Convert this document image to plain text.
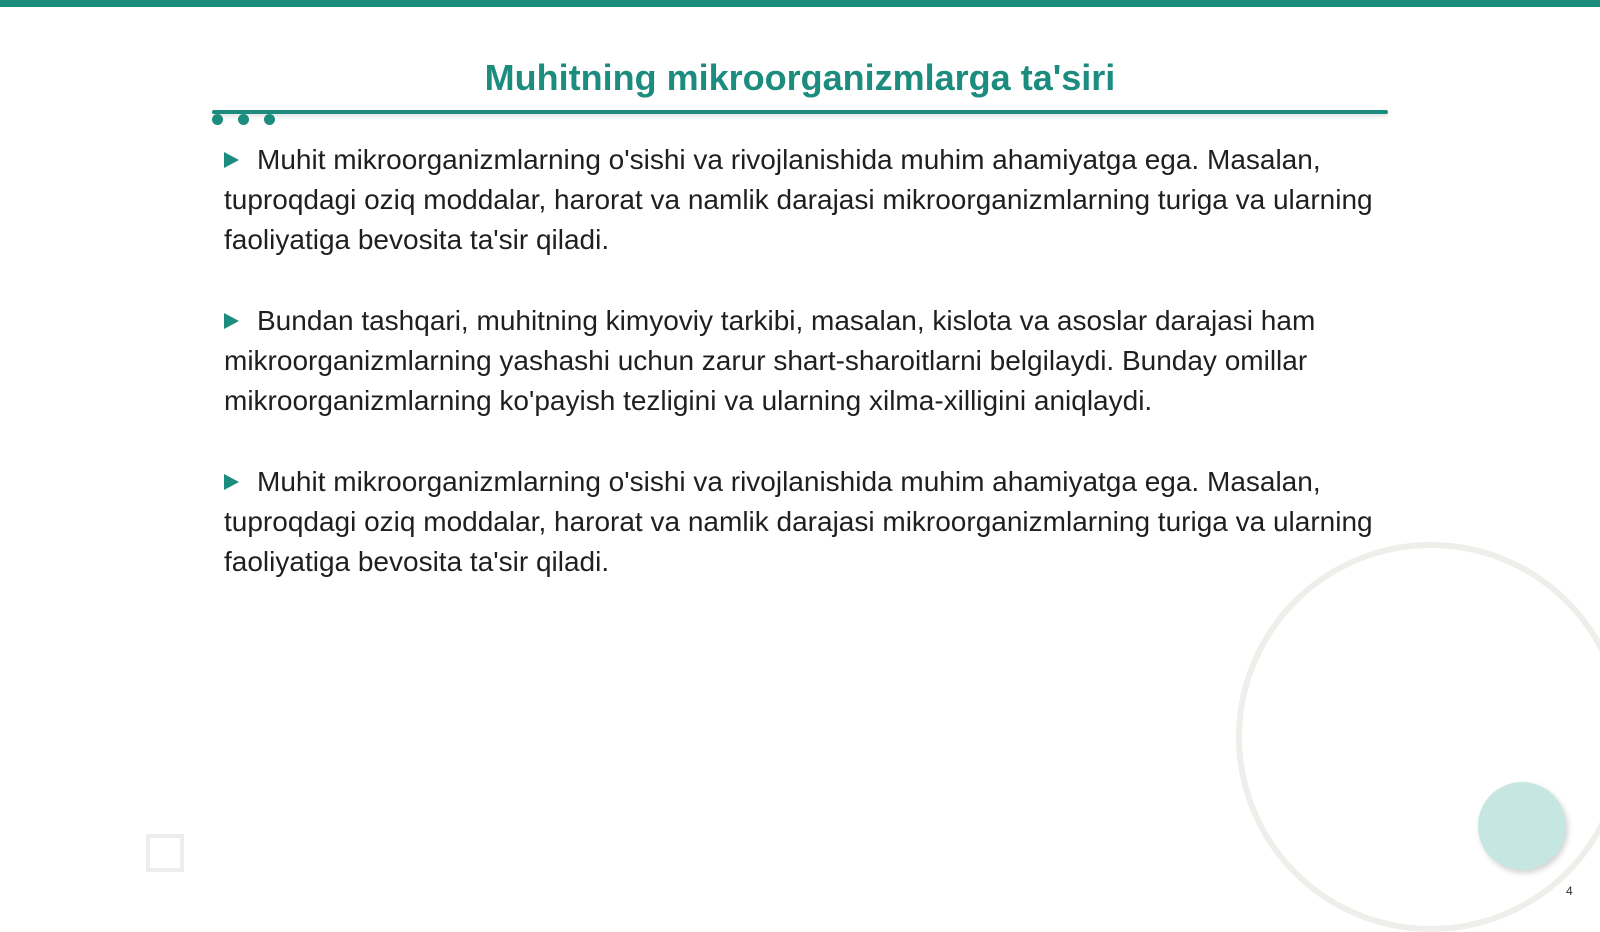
Muhitning mikroorganizmlarga ta'siri

Muhit mikroorganizmlarning o'sishi va rivojlanishida muhim ahamiyatga ega. Masalan, tuproqdagi oziq moddalar, harorat va namlik darajasi mikroorganizmlarning turiga va ularning faoliyatiga bevosita ta'sir qiladi.

Bundan tashqari, muhitning kimyoviy tarkibi, masalan, kislota va asoslar darajasi ham mikroorganizmlarning yashashi uchun zarur shart-sharoitlarni belgilaydi. Bunday omillar mikroorganizmlarning ko'payish tezligini va ularning xilma-xilligini aniqlaydi.

Muhit mikroorganizmlarning o'sishi va rivojlanishida muhim ahamiyatga ega. Masalan, tuproqdagi oziq moddalar, harorat va namlik darajasi mikroorganizmlarning turiga va ularning faoliyatiga bevosita ta'sir qiladi.

4
